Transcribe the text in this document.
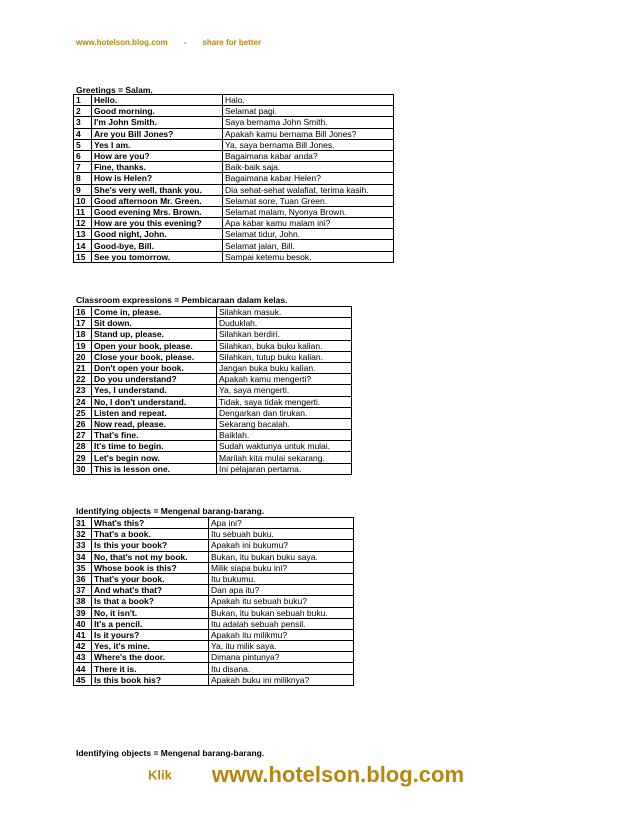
www.hotelson.blog.com - share for better
Greetings = Salam.
1	Hello.	Halo.
2	Good morning.	Selamat pagi.
3	I'm John Smith.	Saya bernama John Smith.
4	Are you Bill Jones?	Apakah kamu bernama Bill Jones?
5	Yes I am.	Ya, saya bernama Bill Jones.
6	How are you?	Bagaimana kabar anda?
7	Fine, thanks.	Baik-baik saja.
8	How is Helen?	Bagaimana kabar Helen?
9	She's very well, thank you.	Dia sehat-sehat walafiat, terima kasih.
10	Good afternoon Mr. Green.	Selamat sore, Tuan Green.
11	Good evening Mrs. Brown.	Selamat malam, Nyonya Brown.
12	How are you this evening?	Apa kabar kamu malam ini?
13	Good night, John.	Selamat tidur, John.
14	Good-bye, Bill.	Selamat jalan, Bill.
15	See you tomorrow.	Sampai ketemu besok.
Classroom expressions = Pembicaraan dalam kelas.
16	Come in, please.	Silahkan masuk.
17	Sit down.	Duduklah.
18	Stand up, please.	Silahkan berdiri.
19	Open your book, please.	Silahkan, buka buku kalian.
20	Close your book, please.	Silahkan, tutup buku kalian.
21	Don't open your book.	Jangan buka buku kalian.
22	Do you understand?	Apakah kamu mengerti?
23	Yes, I understand.	Ya, saya mengerti.
24	No, I don't understand.	Tidak, saya tidak mengerti.
25	Listen and repeat.	Dengarkan dan tirukan.
26	Now read, please.	Sekarang bacalah.
27	That's fine.	Baiklah.
28	It's time to begin.	Sudah waktunya untuk mulai.
29	Let's begin now.	Marilah kita mulai sekarang.
30	This is lesson one.	Ini pelajaran pertama.
Identifying objects = Mengenal barang-barang.
31	What's this?	Apa ini?
32	That's a book.	Itu sebuah buku.
33	Is this your book?	Apakah ini bukumu?
34	No, that's not my book.	Bukan, itu bukan buku saya.
35	Whose book is this?	Milik siapa buku ini?
36	That's your book.	Itu bukumu.
37	And what's that?	Dan apa itu?
38	Is that a book?	Apakah itu sebuah buku?
39	No, it isn't.	Bukan, itu bukan sebuah buku.
40	It's a pencil.	Itu adalah sebuah pensil.
41	Is it yours?	Apakah itu milikmu?
42	Yes, it's mine.	Ya, itu milik saya.
43	Where's the door.	Dimana pintunya?
44	There it is.	Itu disana.
45	Is this book his?	Apakah buku ini miliknya?
Identifying objects = Mengenal barang-barang.
Klik www.hotelson.blog.com
